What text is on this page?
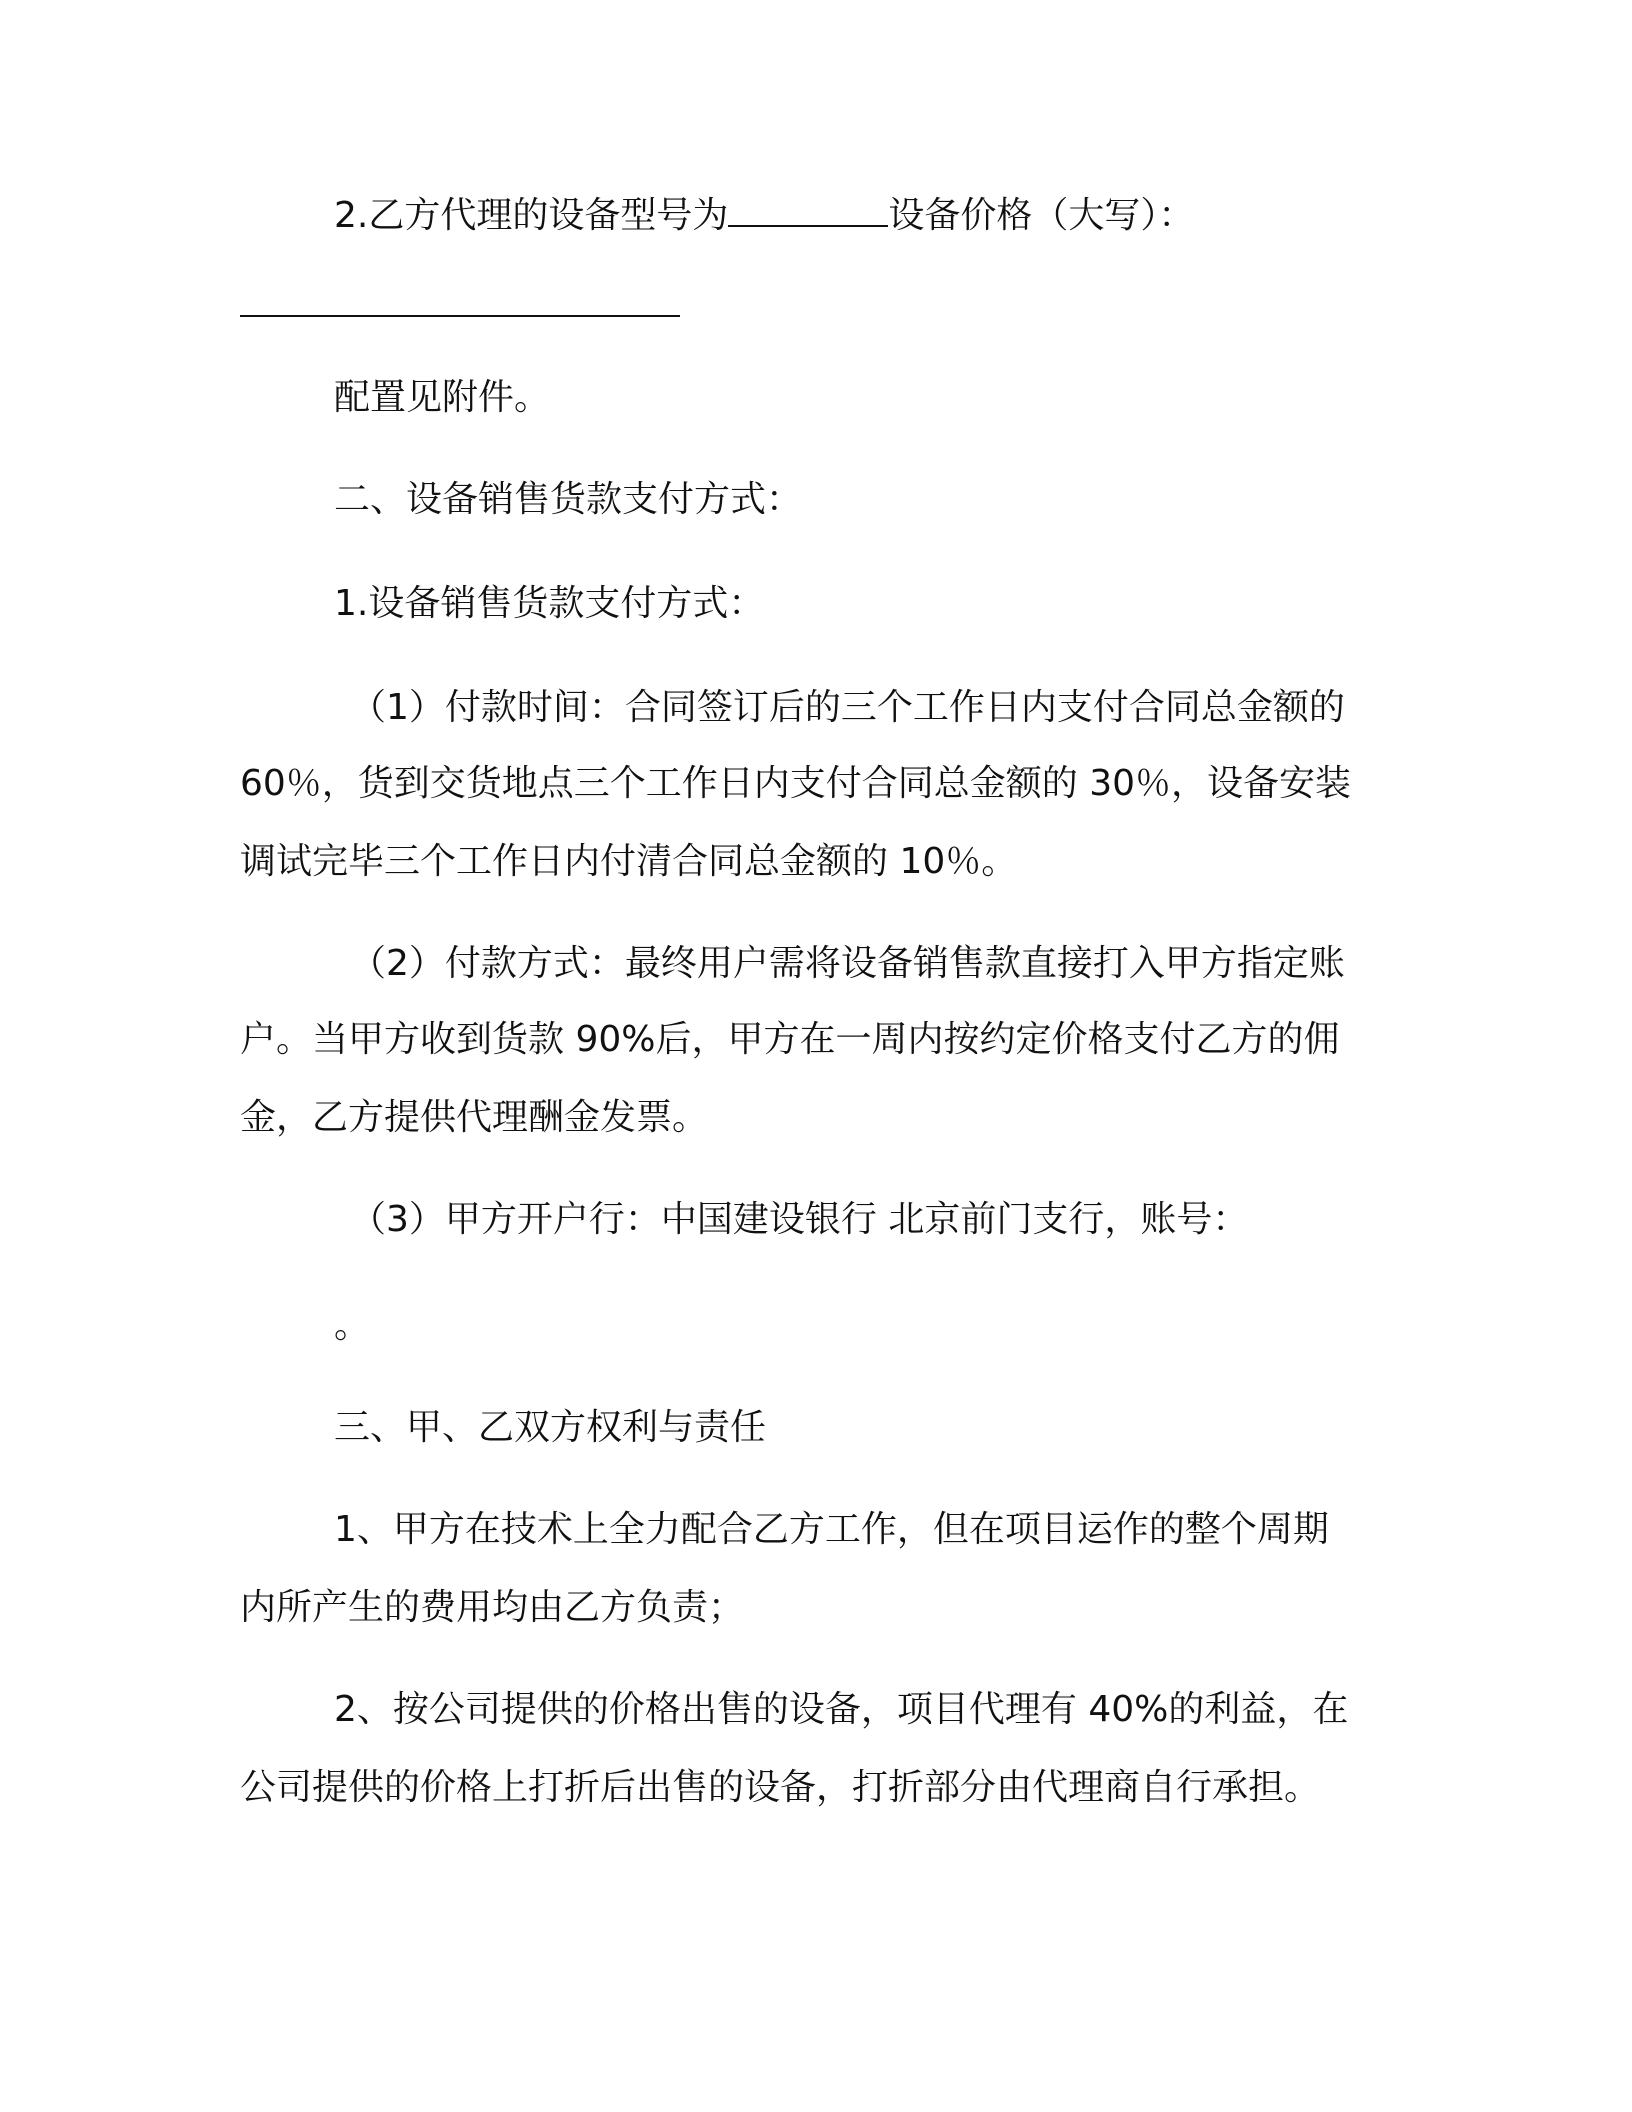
2.乙方代理的设备型号为	设备价格（大写）：

配置见附件。

二、设备销售货款支付方式：

1.设备销售货款支付方式：

（1）付款时间：合同签订后的三个工作日内支付合同总金额的

60％，货到交货地点三个工作日内支付合同总金额的 30％，设备安装

调试完毕三个工作日内付清合同总金额的 10％。

（2）付款方式：最终用户需将设备销售款直接打入甲方指定账

户。当甲方收到货款 90%后，甲方在一周内按约定价格支付乙方的佣

金，乙方提供代理酬金发票。

（3）甲方开户行：中国建设银行 北京前门支行，账号：

。

三、甲、乙双方权利与责任

1、甲方在技术上全力配合乙方工作，但在项目运作的整个周期

内所产生的费用均由乙方负责；

2、按公司提供的价格出售的设备，项目代理有 40%的利益，在

公司提供的价格上打折后出售的设备，打折部分由代理商自行承担。
